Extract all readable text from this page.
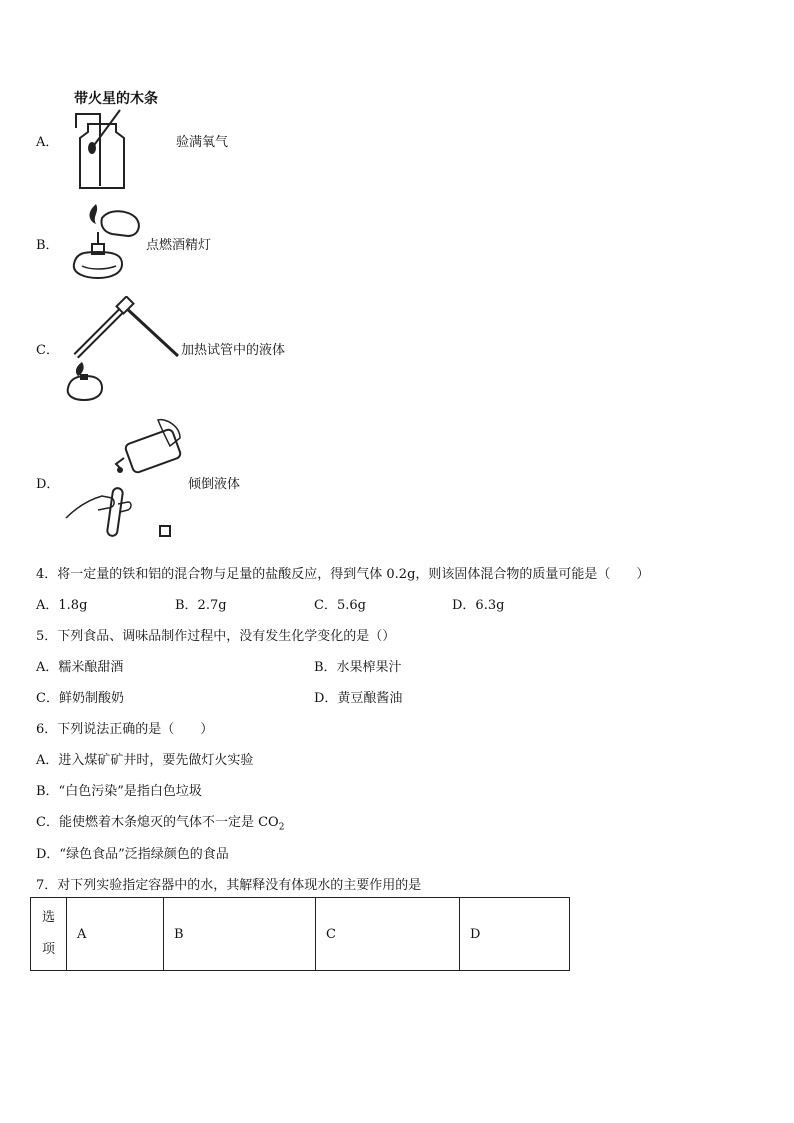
A．
带火星的木条
验满氧气
B．	点燃酒精灯
C．	加热试管中的液体
D．	倾倒液体
4．将一定量的铁和铝的混合物与足量的盐酸反应，得到气体 0.2g，则该固体混合物的质量可能是（　　）
A．1.8g	B．2.7g	C．5.6g	D．6.3g
5．下列食品、调味品制作过程中，没有发生化学变化的是（）
A．糯米酿甜酒	B．水果榨果汁
C．鲜奶制酸奶	D．黄豆酿酱油
6．下列说法正确的是（　　）
A．进入煤矿矿井时，要先做灯火实验
B．“白色污染”是指白色垃圾
C．能使燃着木条熄灭的气体不一定是 $CO_2$
D．“绿色食品”泛指绿颜色的食品
7．对下列实验指定容器中的水，其解释没有体现水的主要作用的是
选
项
	A	B	C	D
